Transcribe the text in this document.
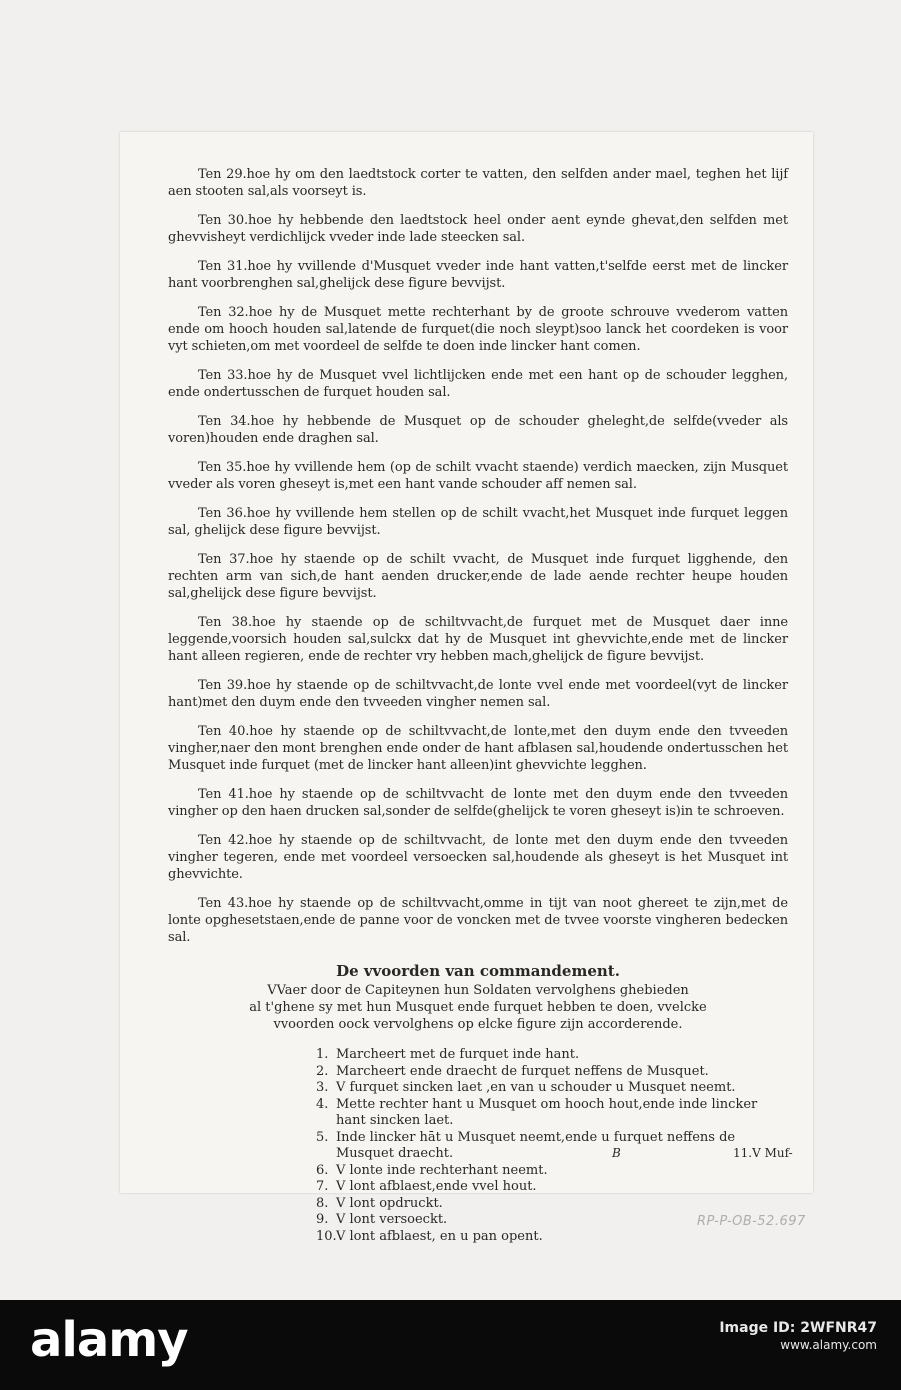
Ten 29.hoe hy om den laedtstock corter te vatten, den selfden ander mael, teghen het lijf aen stooten sal,als voorseyt is.

Ten 30.hoe hy hebbende den laedtstock heel onder aent eynde ghevat,den selfden met ghevvisheyt verdichlijck vveder inde lade steecken sal.

Ten 31.hoe hy vvillende d'Musquet vveder inde hant vatten,t'selfde eerst met de lincker hant voorbrenghen sal,ghelijck dese figure bevvijst.

Ten 32.hoe hy de Musquet mette rechterhant by de groote schrouve vvederom vatten ende om hooch houden sal,latende de furquet(die noch sleypt)soo lanck het coordeken is voor vyt schieten,om met voordeel de selfde te doen inde lincker hant comen.

Ten 33.hoe hy de Musquet vvel lichtlijcken ende met een hant op de schouder legghen, ende ondertusschen de furquet houden sal.

Ten 34.hoe hy hebbende de Musquet op de schouder gheleght,de selfde(vveder als voren)houden ende draghen sal.

Ten 35.hoe hy vvillende hem (op de schilt vvacht staende) verdich maecken, zijn Musquet vveder als voren gheseyt is,met een hant vande schouder aff nemen sal.

Ten 36.hoe hy vvillende hem stellen op de schilt vvacht,het Musquet inde furquet leggen sal, ghelijck dese figure bevvijst.

Ten 37.hoe hy staende op de schilt vvacht, de Musquet inde furquet ligghende, den rechten arm van sich,de hant aenden drucker,ende de lade aende rechter heupe houden sal,ghelijck dese figure bevvijst.

Ten 38.hoe hy staende op de schiltvvacht,de furquet met de Musquet daer inne leggende,voorsich houden sal,sulckx dat hy de Musquet int ghevvichte,ende met de lincker hant alleen regieren, ende de rechter vry hebben mach,ghelijck de figure bevvijst.

Ten 39.hoe hy staende op de schiltvvacht,de lonte vvel ende met voordeel(vyt de lincker hant)met den duym ende den tvveeden vingher nemen sal.

Ten 40.hoe hy staende op de schiltvvacht,de lonte,met den duym ende den tvveeden vingher,naer den mont brenghen ende onder de hant afblasen sal,houdende ondertusschen het Musquet inde furquet (met de lincker hant alleen)int ghevvichte legghen.

Ten 41.hoe hy staende op de schiltvvacht de lonte met den duym ende den tvveeden vingher op den haen drucken sal,sonder de selfde(ghelijck te voren gheseyt is)in te schroeven.

Ten 42.hoe hy staende op de schiltvvacht, de lonte met den duym ende den tvveeden vingher tegeren, ende met voordeel versoecken sal,houdende als gheseyt is het Musquet int ghevvichte.

Ten 43.hoe hy staende op de schiltvvacht,omme in tijt van noot ghereet te zijn,met de lonte opghesetstaen,ende de panne voor de voncken met de tvvee voorste vingheren bedecken sal.

De vvoorden van commandement.
VVaer door de Capiteynen hun Soldaten vervolghens ghebieden
al t'ghene sy met hun Musquet ende furquet hebben te doen, vvelcke
vvoorden oock vervolghens op elcke figure zijn accorderende.
1. Marcheert met de furquet inde hant.
2. Marcheert ende draecht de furquet neffens de Musquet.
3. V furquet sincken laet ,en van u schouder u Musquet neemt.
4. Mette rechter hant u Musquet om hooch hout,ende inde lincker hant sincken laet.
5. Inde lincker hāt u Musquet neemt,ende u furquet neffens de Musquet draecht.
6. V lonte inde rechterhant neemt.
7. V lont afblaest,ende vvel hout.
8. V lont opdruckt.
9. V lont versoeckt.
10. V lont afblaest, en u pan opent.
B	11.V Muf-
RP-P-OB-52.697
alamy	Image ID: 2WFNR47
www.alamy.com
